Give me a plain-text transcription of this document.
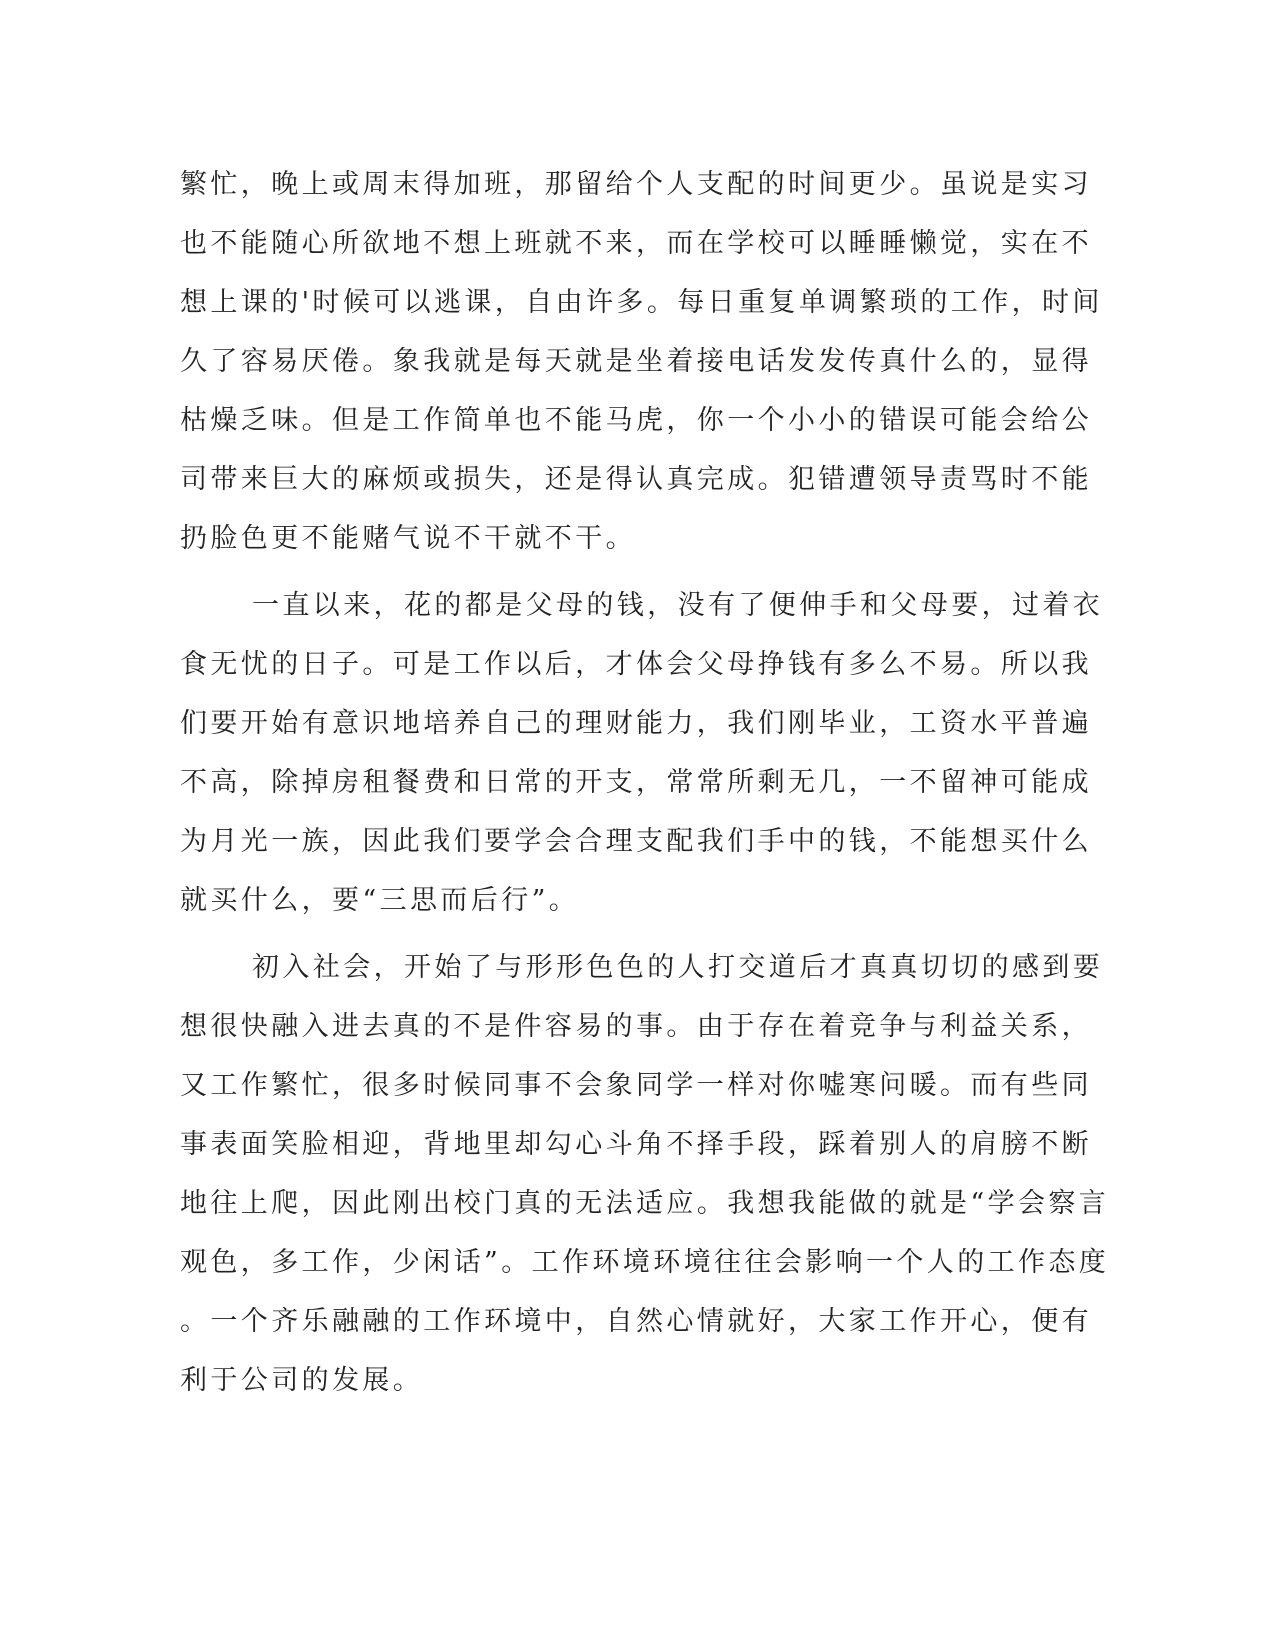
繁忙，晚上或周末得加班，那留给个人支配的时间更少。虽说是实习
也不能随心所欲地不想上班就不来，而在学校可以睡睡懒觉，实在不
想上课的'时候可以逃课，自由许多。每日重复单调繁琐的工作，时间
久了容易厌倦。象我就是每天就是坐着接电话发发传真什么的，显得
枯燥乏味。但是工作简单也不能马虎，你一个小小的错误可能会给公
司带来巨大的麻烦或损失，还是得认真完成。犯错遭领导责骂时不能
扔脸色更不能赌气说不干就不干。
一直以来，花的都是父母的钱，没有了便伸手和父母要，过着衣
食无忧的日子。可是工作以后，才体会父母挣钱有多么不易。所以我
们要开始有意识地培养自己的理财能力，我们刚毕业，工资水平普遍
不高，除掉房租餐费和日常的开支，常常所剩无几，一不留神可能成
为月光一族，因此我们要学会合理支配我们手中的钱，不能想买什么
就买什么，要“三思而后行”。
初入社会，开始了与形形色色的人打交道后才真真切切的感到要
想很快融入进去真的不是件容易的事。由于存在着竞争与利益关系，
又工作繁忙，很多时候同事不会象同学一样对你嘘寒问暖。而有些同
事表面笑脸相迎，背地里却勾心斗角不择手段，踩着别人的肩膀不断
地往上爬，因此刚出校门真的无法适应。我想我能做的就是“学会察言
观色，多工作，少闲话”。工作环境环境往往会影响一个人的工作态度
。一个齐乐融融的工作环境中，自然心情就好，大家工作开心，便有
利于公司的发展。
